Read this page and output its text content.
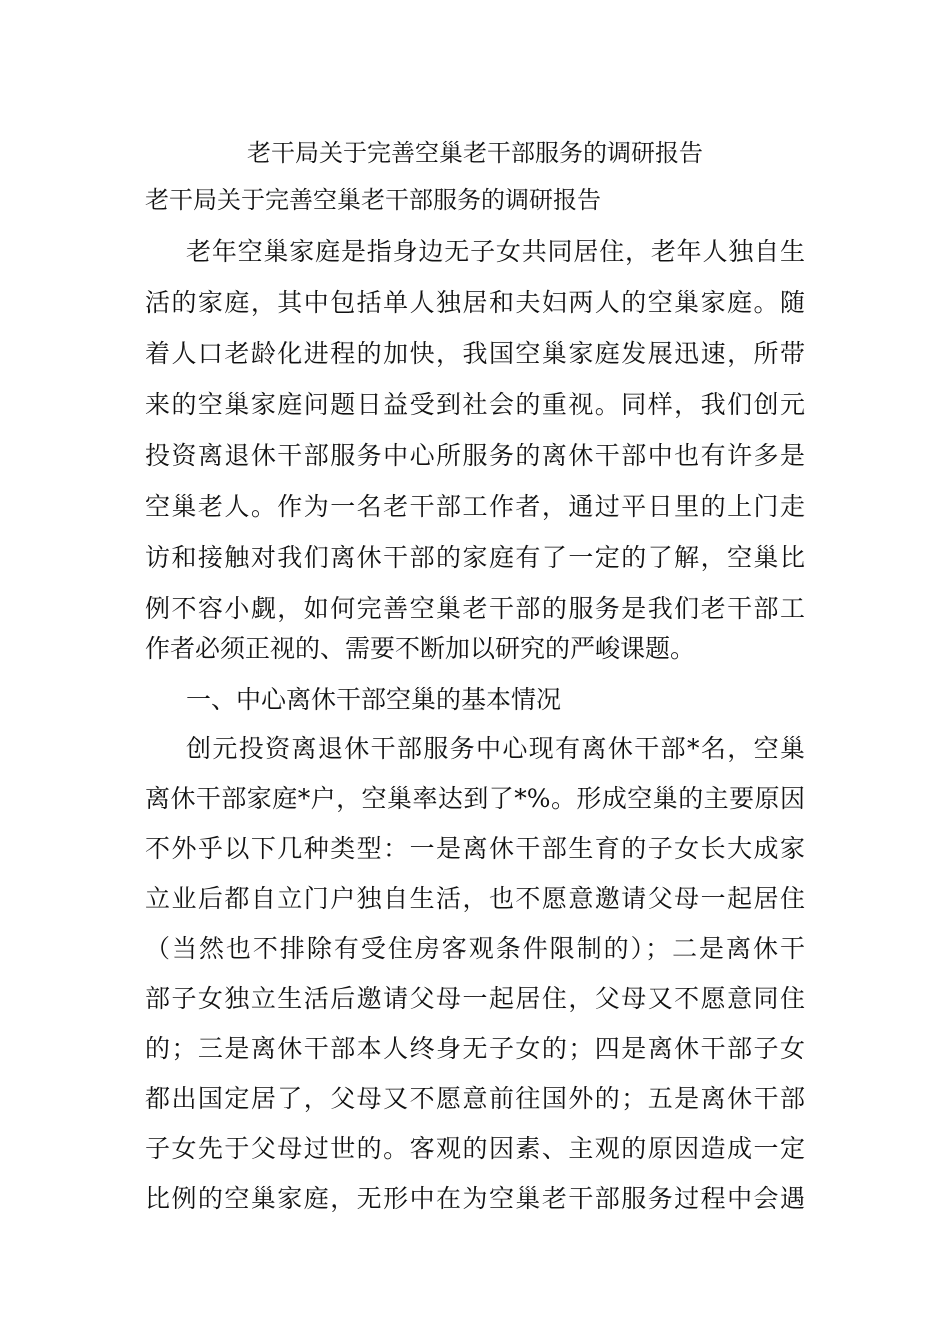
老干局关于完善空巢老干部服务的调研报告
老干局关于完善空巢老干部服务的调研报告
老年空巢家庭是指身边无子女共同居住，老年人独自生
活的家庭，其中包括单人独居和夫妇两人的空巢家庭。随
着人口老龄化进程的加快，我国空巢家庭发展迅速，所带
来的空巢家庭问题日益受到社会的重视。同样，我们创元
投资离退休干部服务中心所服务的离休干部中也有许多是
空巢老人。作为一名老干部工作者，通过平日里的上门走
访和接触对我们离休干部的家庭有了一定的了解，空巢比
例不容小觑，如何完善空巢老干部的服务是我们老干部工
作者必须正视的、需要不断加以研究的严峻课题。
一、中心离休干部空巢的基本情况
创元投资离退休干部服务中心现有离休干部*名，空巢
离休干部家庭*户，空巢率达到了*%。形成空巢的主要原因
不外乎以下几种类型：一是离休干部生育的子女长大成家
立业后都自立门户独自生活，也不愿意邀请父母一起居住
（当然也不排除有受住房客观条件限制的）；二是离休干
部子女独立生活后邀请父母一起居住，父母又不愿意同住
的；三是离休干部本人终身无子女的；四是离休干部子女
都出国定居了，父母又不愿意前往国外的；五是离休干部
子女先于父母过世的。客观的因素、主观的原因造成一定
比例的空巢家庭，无形中在为空巢老干部服务过程中会遇
